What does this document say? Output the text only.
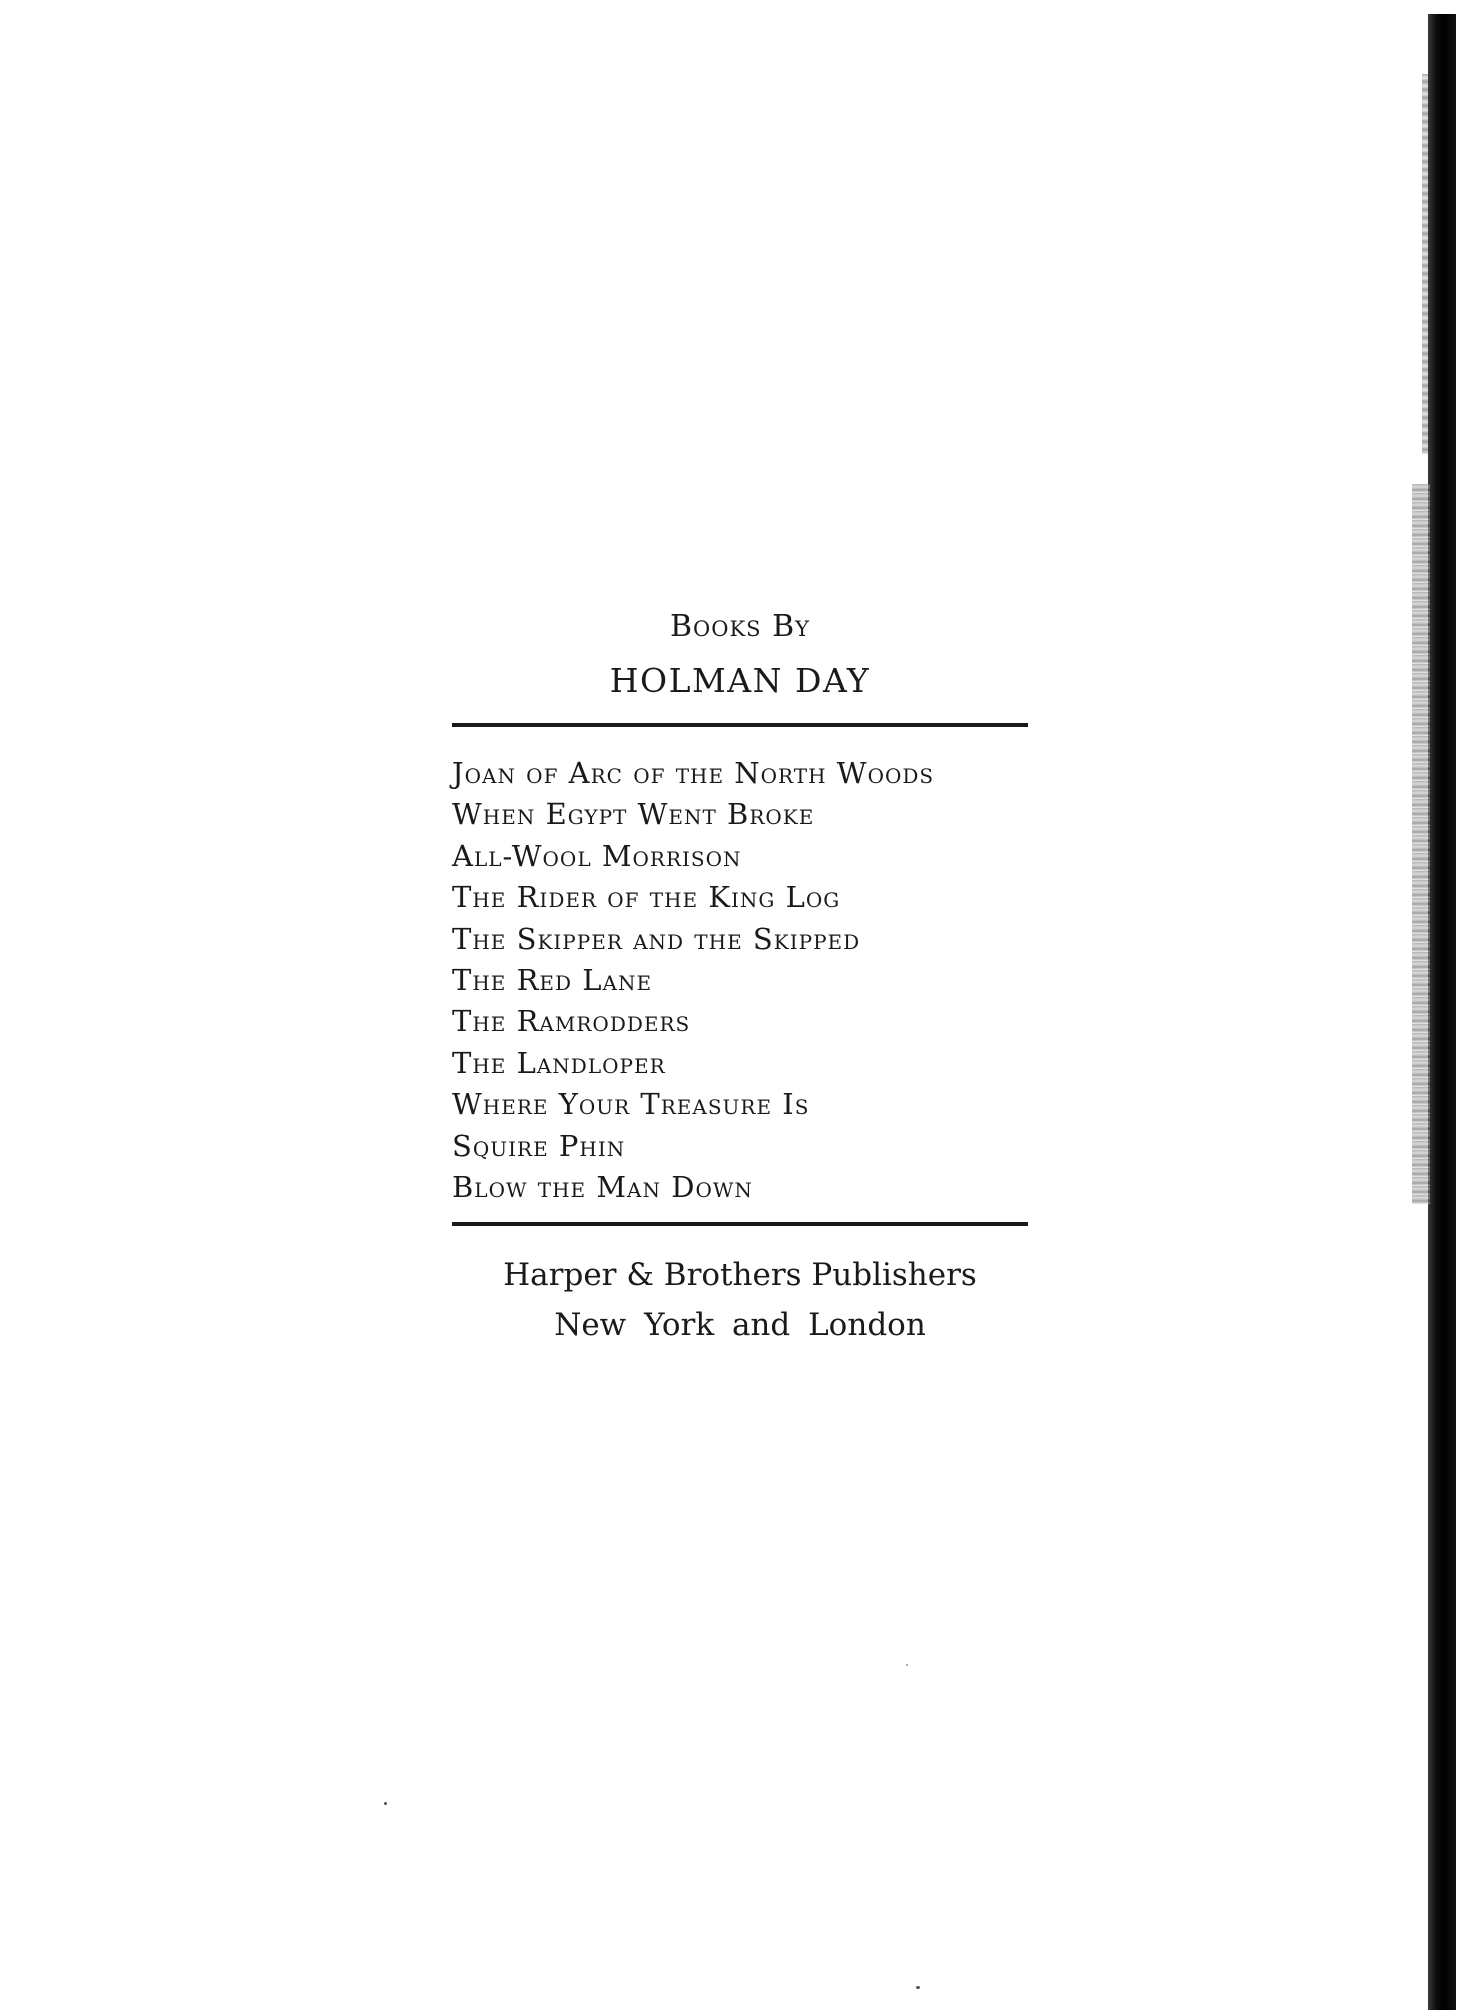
Books By
HOLMAN DAY
Joan of Arc of the North Woods
When Egypt Went Broke
All-Wool Morrison
The Rider of the King Log
The Skipper and the Skipped
The Red Lane
The Ramrodders
The Landloper
Where Your Treasure Is
Squire Phin
Blow the Man Down
Harper & Brothers Publishers
New York and London
